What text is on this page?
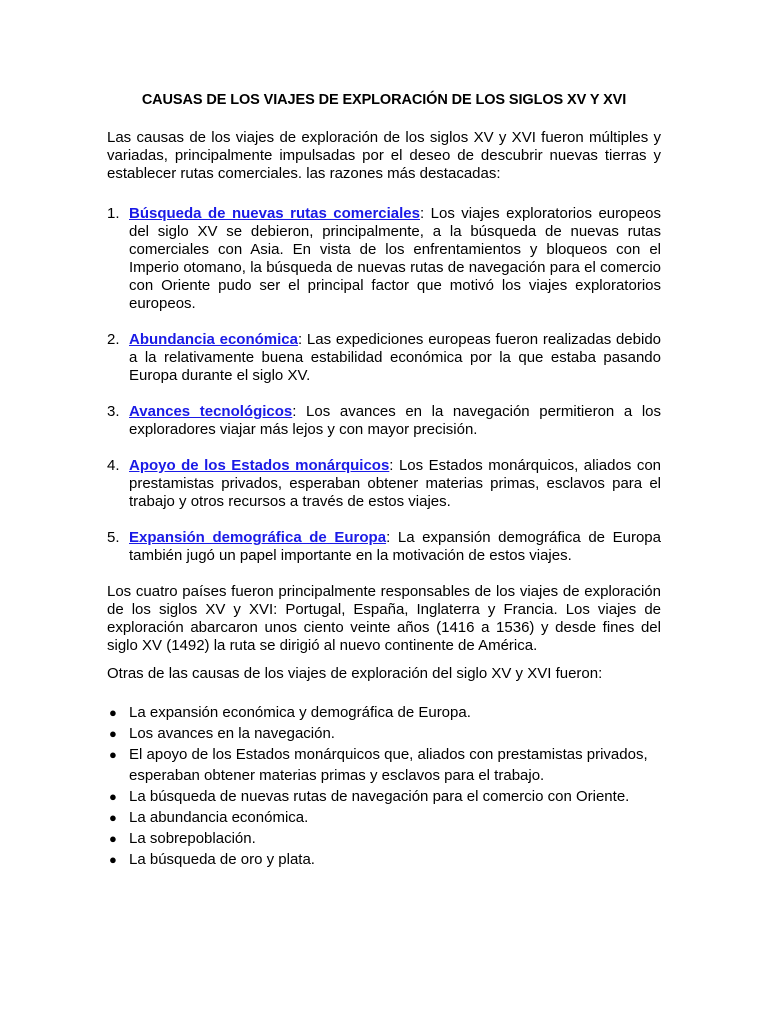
CAUSAS DE LOS VIAJES DE EXPLORACIÓN DE LOS SIGLOS XV Y XVI

Las causas de los viajes de exploración de los siglos XV y XVI fueron múltiples y variadas, principalmente impulsadas por el deseo de descubrir nuevas tierras y establecer rutas comerciales. las razones más destacadas:

1. Búsqueda de nuevas rutas comerciales: Los viajes exploratorios europeos del siglo XV se debieron, principalmente, a la búsqueda de nuevas rutas comerciales con Asia. En vista de los enfrentamientos y bloqueos con el Imperio otomano, la búsqueda de nuevas rutas de navegación para el comercio con Oriente pudo ser el principal factor que motivó los viajes exploratorios europeos.
2. Abundancia económica: Las expediciones europeas fueron realizadas debido a la relativamente buena estabilidad económica por la que estaba pasando Europa durante el siglo XV.
3. Avances tecnológicos: Los avances en la navegación permitieron a los exploradores viajar más lejos y con mayor precisión.
4. Apoyo de los Estados monárquicos: Los Estados monárquicos, aliados con prestamistas privados, esperaban obtener materias primas, esclavos para el trabajo y otros recursos a través de estos viajes.
5. Expansión demográfica de Europa: La expansión demográfica de Europa también jugó un papel importante en la motivación de estos viajes.

Los cuatro países fueron principalmente responsables de los viajes de exploración de los siglos XV y XVI: Portugal, España, Inglaterra y Francia. Los viajes de exploración abarcaron unos ciento veinte años (1416 a 1536) y desde fines del siglo XV (1492) la ruta se dirigió al nuevo continente de América.

Otras de las causas de los viajes de exploración del siglo XV y XVI fueron:

● La expansión económica y demográfica de Europa.
● Los avances en la navegación.
● El apoyo de los Estados monárquicos que, aliados con prestamistas privados, esperaban obtener materias primas y esclavos para el trabajo.
● La búsqueda de nuevas rutas de navegación para el comercio con Oriente.
● La abundancia económica.
● La sobrepoblación.
● La búsqueda de oro y plata.
